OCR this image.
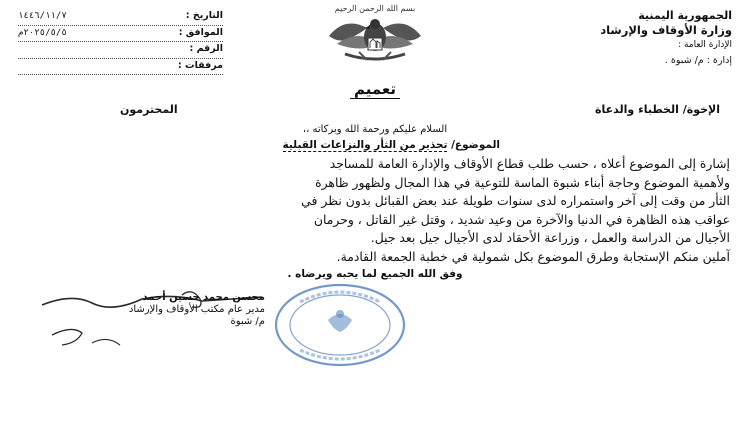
بسم الله الرحمن الرحيم
الجمهورية اليمنية
وزارة الأوقاف والإرشاد
الإدارة العامة :
إدارة : م/ شبوة .
التاريخ :
١٤٤٦/١١/٧
الموافق :
٢٠٢٥/٥/٥م
الرقم :
مرفقات :
تعميم
الإخوة/ الخطباء والدعاة
المحترمون
السلام عليكم ورحمة الله وبركاته ،،
الموضوع/ تحذير من الثأر والنزاعات القبلية
إشارة إلى الموضوع أعلاه ، حسب طلب قطاع الأوقاف والإدارة العامة للمساجد
ولأهمية الموضوع وحاجة أبناء شبوة الماسة للتوعية في هذا المجال ولظهور ظاهرة
الثأر من وقت إلى آخر واستمراره لدى سنوات طويلة عند بعض القبائل بدون نظر في
عواقب هذه الظاهرة في الدنيا والآخرة من وعيد شديد ، وقتل غير القاتل ، وحرمان
الأجيال من الدراسة والعمل ، وزراعة الأحقاد لدى الأجيال جيل بعد جيل.
آملين منكم الإستجابة وطرق الموضوع بكل شمولية في خطبة الجمعة القادمة.
وفق الله الجميع لما يحبه ويرضاه .
محسن محمد حسين أحمد
مدير عام مكتب الأوقاف والإرشاد
م/ شبوة
